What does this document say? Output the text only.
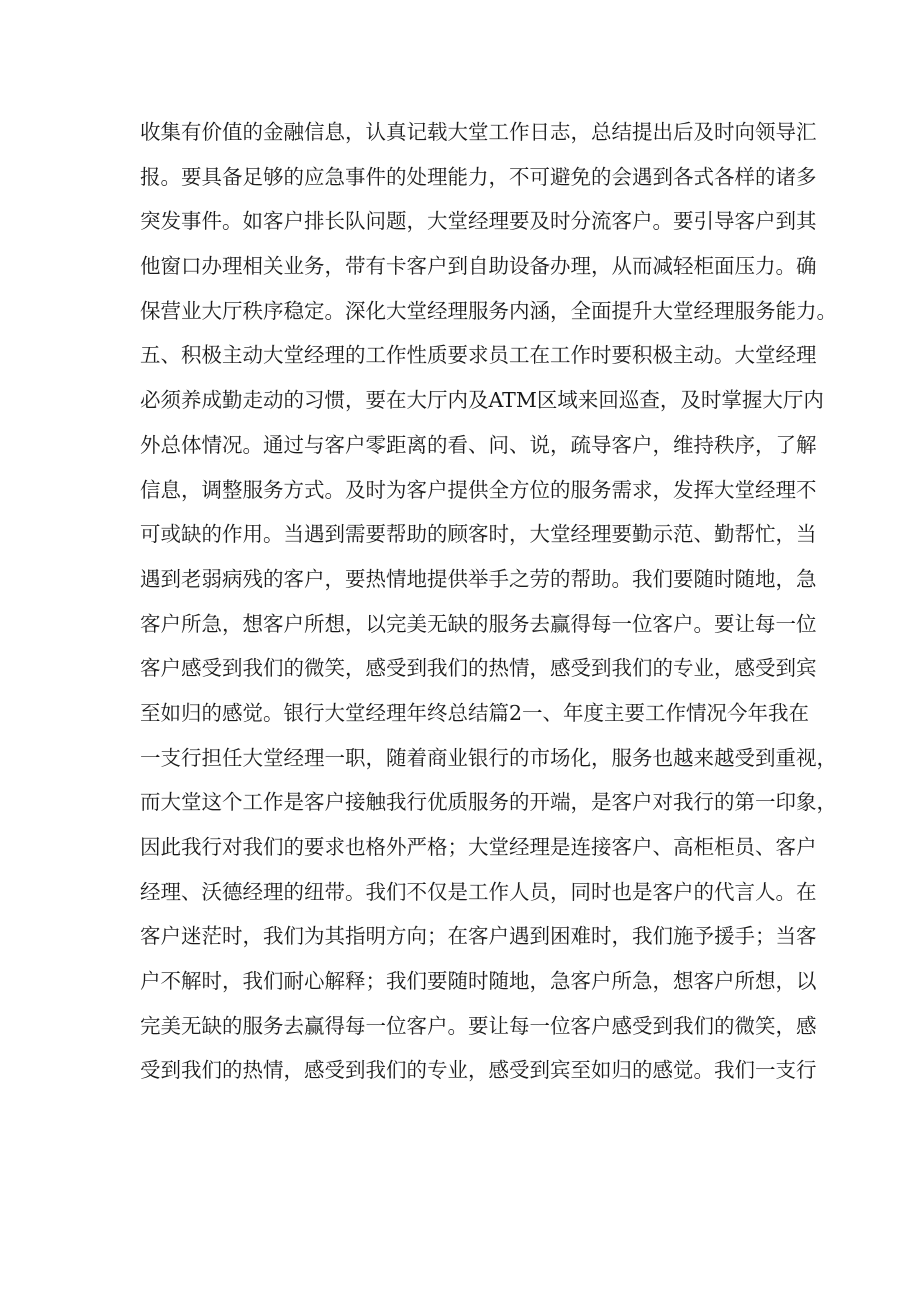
收集有价值的金融信息，认真记载大堂工作日志，总结提出后及时向领导汇
报。要具备足够的应急事件的处理能力，不可避免的会遇到各式各样的诸多
突发事件。如客户排长队问题，大堂经理要及时分流客户。要引导客户到其
他窗口办理相关业务，带有卡客户到自助设备办理，从而减轻柜面压力。确
保营业大厅秩序稳定。深化大堂经理服务内涵，全面提升大堂经理服务能力。
五、积极主动大堂经理的工作性质要求员工在工作时要积极主动。大堂经理
必须养成勤走动的习惯，要在大厅内及ATM区域来回巡查，及时掌握大厅内
外总体情况。通过与客户零距离的看、问、说，疏导客户，维持秩序，了解
信息，调整服务方式。及时为客户提供全方位的服务需求，发挥大堂经理不
可或缺的作用。当遇到需要帮助的顾客时，大堂经理要勤示范、勤帮忙，当
遇到老弱病残的客户，要热情地提供举手之劳的帮助。我们要随时随地，急
客户所急，想客户所想，以完美无缺的服务去赢得每一位客户。要让每一位
客户感受到我们的微笑，感受到我们的热情，感受到我们的专业，感受到宾
至如归的感觉。银行大堂经理年终总结篇2一、年度主要工作情况今年我在
一支行担任大堂经理一职，随着商业银行的市场化，服务也越来越受到重视，
而大堂这个工作是客户接触我行优质服务的开端，是客户对我行的第一印象，
因此我行对我们的要求也格外严格；大堂经理是连接客户、高柜柜员、客户
经理、沃德经理的纽带。我们不仅是工作人员，同时也是客户的代言人。在
客户迷茫时，我们为其指明方向；在客户遇到困难时，我们施予援手；当客
户不解时，我们耐心解释；我们要随时随地，急客户所急，想客户所想，以
完美无缺的服务去赢得每一位客户。要让每一位客户感受到我们的微笑，感
受到我们的热情，感受到我们的专业，感受到宾至如归的感觉。我们一支行
